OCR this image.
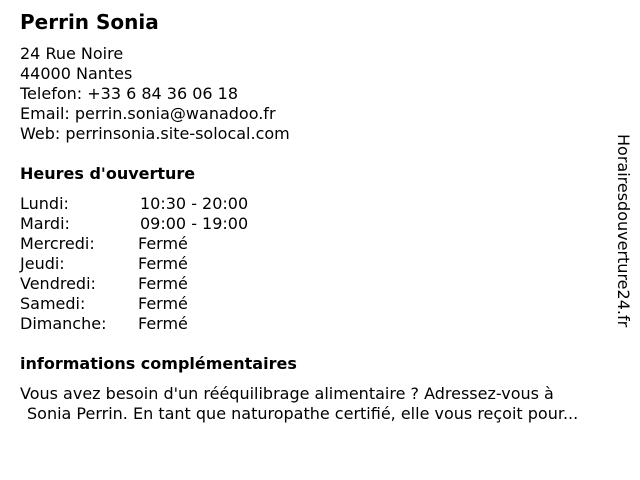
Perrin Sonia
24 Rue Noire
44000 Nantes
Telefon: +33 6 84 36 06 18
Email: perrin.sonia@wanadoo.fr
Web: perrinsonia.site-solocal.com
Heures d'ouverture
Lundi:	10:30 - 20:00
Mardi:	09:00 - 19:00
Mercredi:	Fermé
Jeudi:	Fermé
Vendredi:	Fermé
Samedi:	Fermé
Dimanche: Fermé
informations complémentaires
Vous avez besoin d'un rééquilibrage alimentaire ? Adressez-vous à
Sonia Perrin. En tant que naturopathe certifié, elle vous reçoit pour...
Horairesdouverture24.fr
